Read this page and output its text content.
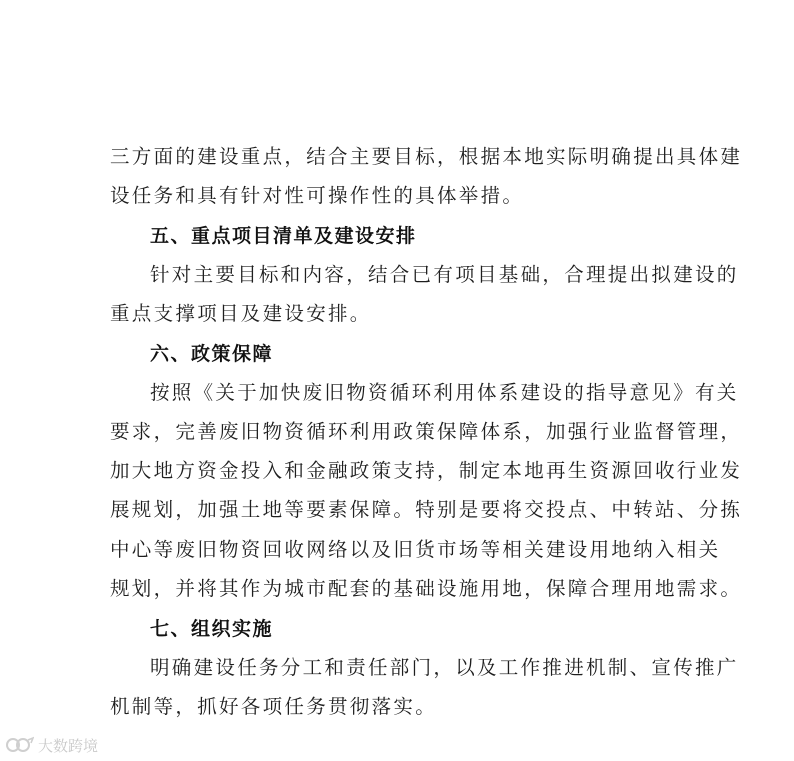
三方面的建设重点，结合主要目标，根据本地实际明确提出具体建
设任务和具有针对性可操作性的具体举措。
五、重点项目清单及建设安排
针对主要目标和内容，结合已有项目基础，合理提出拟建设的
重点支撑项目及建设安排。
六、政策保障
按照《关于加快废旧物资循环利用体系建设的指导意见》有关
要求，完善废旧物资循环利用政策保障体系，加强行业监督管理，
加大地方资金投入和金融政策支持，制定本地再生资源回收行业发
展规划，加强土地等要素保障。特别是要将交投点、中转站、分拣
中心等废旧物资回收网络以及旧货市场等相关建设用地纳入相关
规划，并将其作为城市配套的基础设施用地，保障合理用地需求。
七、组织实施
明确建设任务分工和责任部门，以及工作推进机制、宣传推广
机制等，抓好各项任务贯彻落实。
大数跨境
